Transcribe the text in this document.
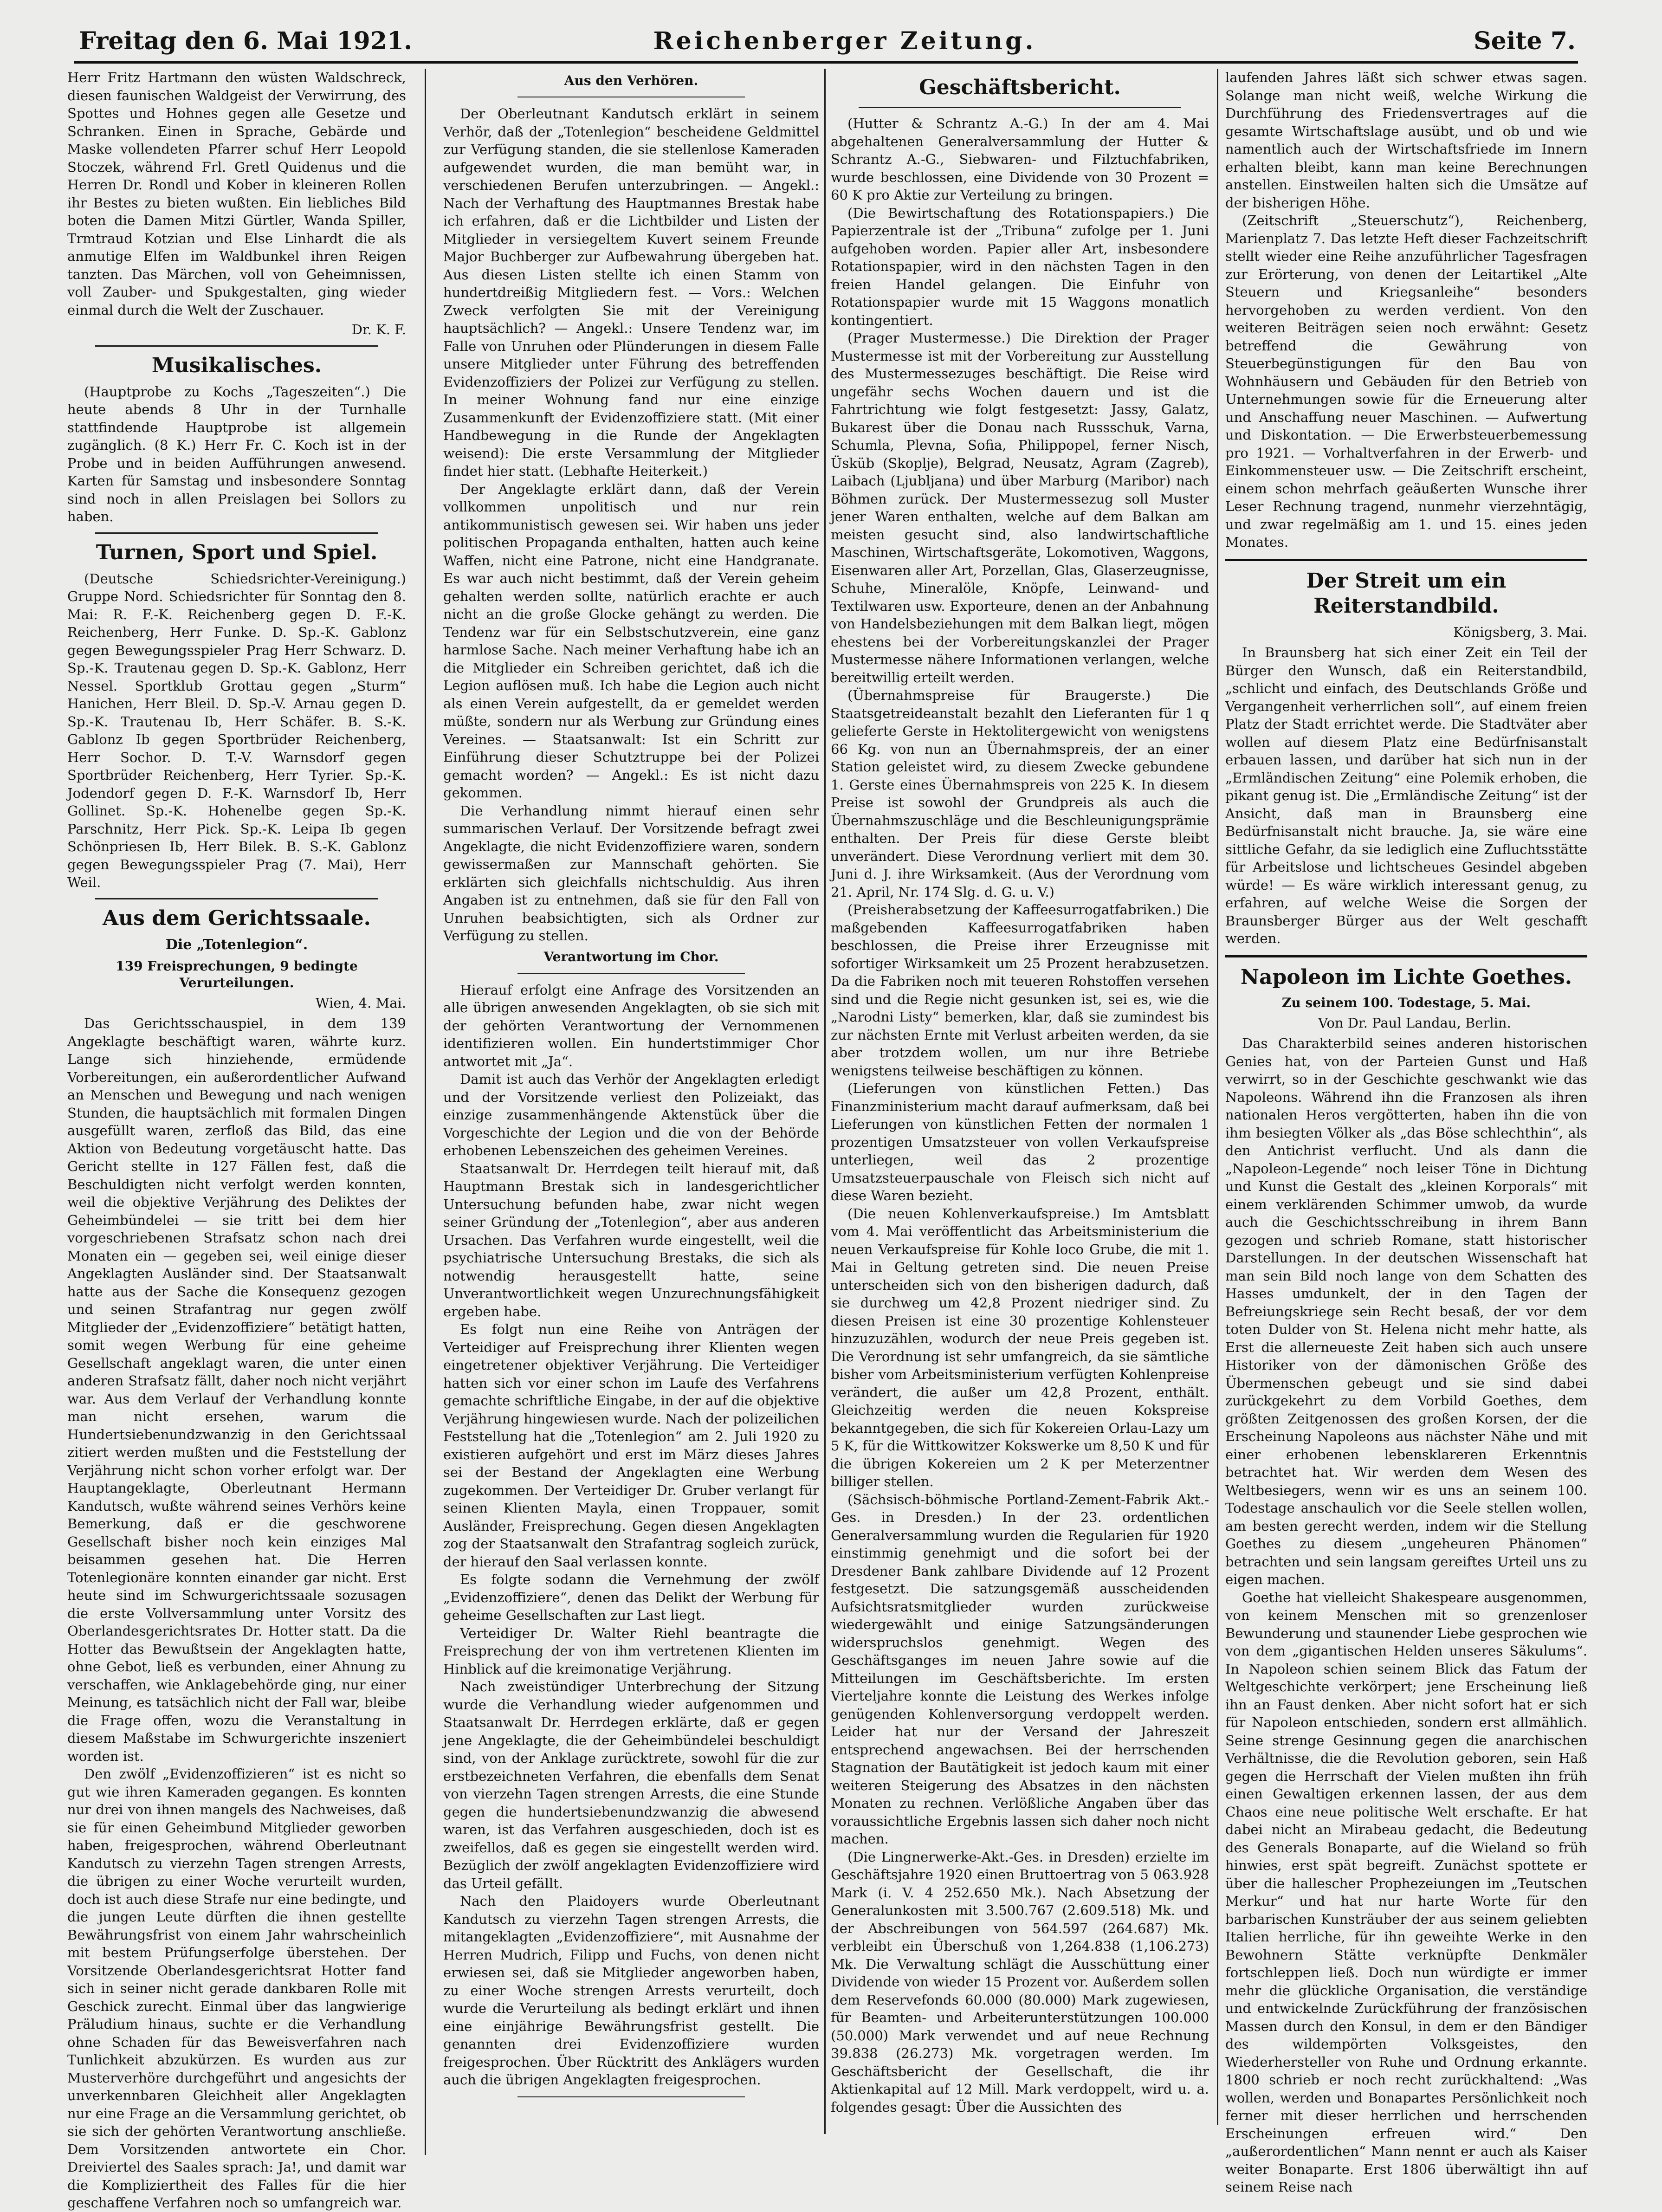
Freitag den 6. Mai 1921.	Reichenberger Zeitung.	Seite 7.

Herr Fritz Hartmann den wüsten Waldschreck, diesen faunischen Waldgeist der Verwirrung, des Spottes und Hohnes gegen alle Gesetze und Schranken. Einen in Sprache, Gebärde und Maske vollendeten Pfarrer schuf Herr Leopold Stoczek, während Frl. Gretl Quidenus und die Herren Dr. Rondl und Kober in kleineren Rollen ihr Bestes zu bieten wußten. Ein liebliches Bild boten die Damen Mitzi Gürtler, Wanda Spiller, Trmtraud Kotzian und Else Linhardt die als anmutige Elfen im Waldbunkel ihren Reigen tanzten. Das Märchen, voll von Geheimnissen, voll Zauber- und Spukgestalten, ging wieder einmal durch die Welt der Zuschauer.

Dr. K. F.

Musikalisches.

(Hauptprobe zu Kochs „Tageszeiten“.) Die heute abends 8 Uhr in der Turnhalle stattfindende Hauptprobe ist allgemein zugänglich. (8 K.) Herr Fr. C. Koch ist in der Probe und in beiden Aufführungen anwesend. Karten für Samstag und insbesondere Sonntag sind noch in allen Preislagen bei Sollors zu haben.

Turnen, Sport und Spiel.

(Deutsche Schiedsrichter-Vereinigung.) Gruppe Nord. Schiedsrichter für Sonntag den 8. Mai: R. F.-K. Reichenberg gegen D. F.-K. Reichenberg, Herr Funke. D. Sp.-K. Gablonz gegen Bewegungsspieler Prag Herr Schwarz. D. Sp.-K. Trautenau gegen D. Sp.-K. Gablonz, Herr Nessel. Sportklub Grottau gegen „Sturm“ Hanichen, Herr Bleil. D. Sp.-V. Arnau gegen D. Sp.-K. Trautenau Ib, Herr Schäfer. B. S.-K. Gablonz Ib gegen Sportbrüder Reichenberg, Herr Sochor. D. T.-V. Warnsdorf gegen Sportbrüder Reichenberg, Herr Tyrier. Sp.-K. Jodendorf gegen D. F.-K. Warnsdorf Ib, Herr Gollinet. Sp.-K. Hohenelbe gegen Sp.-K. Parschnitz, Herr Pick. Sp.-K. Leipa Ib gegen Schönpriesen Ib, Herr Bilek. B. S.-K. Gablonz gegen Bewegungsspieler Prag (7. Mai), Herr Weil.

Aus dem Gerichtssaale.
Die „Totenlegion“.
139 Freisprechungen, 9 bedingte Verurteilungen.

Wien, 4. Mai.

Das Gerichtsschauspiel, in dem 139 Angeklagte beschäftigt waren, währte kurz. Lange sich hinziehende, ermüdende Vorbereitungen, ein außerordentlicher Aufwand an Menschen und Bewegung und nach wenigen Stunden, die hauptsächlich mit formalen Dingen ausgefüllt waren, zerfloß das Bild, das eine Aktion von Bedeutung vorgetäuscht hatte. Das Gericht stellte in 127 Fällen fest, daß die Beschuldigten nicht verfolgt werden konnten, weil die objektive Verjährung des Deliktes der Geheimbündelei — sie tritt bei dem hier vorgeschriebenen Strafsatz schon nach drei Monaten ein — gegeben sei, weil einige dieser Angeklagten Ausländer sind. Der Staatsanwalt hatte aus der Sache die Konsequenz gezogen und seinen Strafantrag nur gegen zwölf Mitglieder der „Evidenzoffiziere“ betätigt hatten, somit wegen Werbung für eine geheime Gesellschaft angeklagt waren, die unter einen anderen Strafsatz fällt, daher noch nicht verjährt war. Aus dem Verlauf der Verhandlung konnte man nicht ersehen, warum die Hundertsiebenundzwanzig in den Gerichtssaal zitiert werden mußten und die Feststellung der Verjährung nicht schon vorher erfolgt war. Der Hauptangeklagte, Oberleutnant Hermann Kandutsch, wußte während seines Verhörs keine Bemerkung, daß er die geschworene Gesellschaft bisher noch kein einziges Mal beisammen gesehen hat. Die Herren Totenlegionäre konnten einander gar nicht. Erst heute sind im Schwurgerichtssaale sozusagen die erste Vollversammlung unter Vorsitz des Oberlandesgerichtsrates Dr. Hotter statt. Da die Hotter das Bewußtsein der Angeklagten hatte, ohne Gebot, ließ es verbunden, einer Ahnung zu verschaffen, wie Anklagebehörde ging, nur einer Meinung, es tatsächlich nicht der Fall war, bleibe die Frage offen, wozu die Veranstaltung in diesem Maßstabe im Schwurgerichte inszeniert worden ist.

Den zwölf „Evidenzoffizieren“ ist es nicht so gut wie ihren Kameraden gegangen. Es konnten nur drei von ihnen mangels des Nachweises, daß sie für einen Geheimbund Mitglieder geworben haben, freigesprochen, während Oberleutnant Kandutsch zu vierzehn Tagen strengen Arrests, die übrigen zu einer Woche verurteilt wurden, doch ist auch diese Strafe nur eine bedingte, und die jungen Leute dürften die ihnen gestellte Bewährungsfrist von einem Jahr wahrscheinlich mit bestem Prüfungserfolge überstehen. Der Vorsitzende Oberlandesgerichtsrat Hotter fand sich in seiner nicht gerade dankbaren Rolle mit Geschick zurecht. Einmal über das langwierige Präludium hinaus, suchte er die Verhandlung ohne Schaden für das Beweisverfahren nach Tunlichkeit abzukürzen. Es wurden aus zur Musterverhöre durchgeführt und angesichts der unverkennbaren Gleichheit aller Angeklagten nur eine Frage an die Versammlung gerichtet, ob sie sich der gehörten Verantwortung anschließe. Dem Vorsitzenden antwortete ein Chor. Dreiviertel des Saales sprach: Ja!, und damit war die Kompliziertheit des Falles für die hier geschaffene Verfahren noch so umfangreich war.

Aus den Verhören.

Der Oberleutnant Kandutsch erklärt in seinem Verhör, daß der „Totenlegion“ bescheidene Geldmittel zur Verfügung standen, die sie stellenlose Kameraden aufgewendet wurden, die man bemüht war, in verschiedenen Berufen unterzubringen. — Angekl.: Nach der Verhaftung des Hauptmannes Brestak habe ich erfahren, daß er die Lichtbilder und Listen der Mitglieder in versiegeltem Kuvert seinem Freunde Major Buchberger zur Aufbewahrung übergeben hat. Aus diesen Listen stellte ich einen Stamm von hundertdreißig Mitgliedern fest. — Vors.: Welchen Zweck verfolgten Sie mit der Vereinigung hauptsächlich? — Angekl.: Unsere Tendenz war, im Falle von Unruhen oder Plünderungen in diesem Falle unsere Mitglieder unter Führung des betreffenden Evidenzoffiziers der Polizei zur Verfügung zu stellen. In meiner Wohnung fand nur eine einzige Zusammenkunft der Evidenzoffiziere statt. (Mit einer Handbewegung in die Runde der Angeklagten weisend): Die erste Versammlung der Mitglieder findet hier statt. (Lebhafte Heiterkeit.)

Der Angeklagte erklärt dann, daß der Verein vollkommen unpolitisch und nur rein antikommunistisch gewesen sei. Wir haben uns jeder politischen Propaganda enthalten, hatten auch keine Waffen, nicht eine Patrone, nicht eine Handgranate. Es war auch nicht bestimmt, daß der Verein geheim gehalten werden sollte, natürlich erachte er auch nicht an die große Glocke gehängt zu werden. Die Tendenz war für ein Selbstschutzverein, eine ganz harmlose Sache. Nach meiner Verhaftung habe ich an die Mitglieder ein Schreiben gerichtet, daß ich die Legion auflösen muß. Ich habe die Legion auch nicht als einen Verein aufgestellt, da er gemeldet werden müßte, sondern nur als Werbung zur Gründung eines Vereines. — Staatsanwalt: Ist ein Schritt zur Einführung dieser Schutztruppe bei der Polizei gemacht worden? — Angekl.: Es ist nicht dazu gekommen.

Die Verhandlung nimmt hierauf einen sehr summarischen Verlauf. Der Vorsitzende befragt zwei Angeklagte, die nicht Evidenzoffiziere waren, sondern gewissermaßen zur Mannschaft gehörten. Sie erklärten sich gleichfalls nichtschuldig. Aus ihren Angaben ist zu entnehmen, daß sie für den Fall von Unruhen beabsichtigten, sich als Ordner zur Verfügung zu stellen.

Verantwortung im Chor.

Hierauf erfolgt eine Anfrage des Vorsitzenden an alle übrigen anwesenden Angeklagten, ob sie sich mit der gehörten Verantwortung der Vernommenen identifizieren wollen. Ein hundertstimmiger Chor antwortet mit „Ja“.

Damit ist auch das Verhör der Angeklagten erledigt und der Vorsitzende verliest den Polizeiakt, das einzige zusammenhängende Aktenstück über die Vorgeschichte der Legion und die von der Behörde erhobenen Lebenszeichen des geheimen Vereines.

Staatsanwalt Dr. Herrdegen teilt hierauf mit, daß Hauptmann Brestak sich in landesgerichtlicher Untersuchung befunden habe, zwar nicht wegen seiner Gründung der „Totenlegion“, aber aus anderen Ursachen. Das Verfahren wurde eingestellt, weil die psychiatrische Untersuchung Brestaks, die sich als notwendig herausgestellt hatte, seine Unverantwortlichkeit wegen Unzurechnungsfähigkeit ergeben habe.

Es folgt nun eine Reihe von Anträgen der Verteidiger auf Freisprechung ihrer Klienten wegen eingetretener objektiver Verjährung. Die Verteidiger hatten sich vor einer schon im Laufe des Verfahrens gemachte schriftliche Eingabe, in der auf die objektive Verjährung hingewiesen wurde. Nach der polizeilichen Feststellung hat die „Totenlegion“ am 2. Juli 1920 zu existieren aufgehört und erst im März dieses Jahres sei der Bestand der Angeklagten eine Werbung zugekommen. Der Verteidiger Dr. Gruber verlangt für seinen Klienten Mayla, einen Troppauer, somit Ausländer, Freisprechung. Gegen diesen Angeklagten zog der Staatsanwalt den Strafantrag sogleich zurück, der hierauf den Saal verlassen konnte.

Es folgte sodann die Vernehmung der zwölf „Evidenzoffiziere“, denen das Delikt der Werbung für geheime Gesellschaften zur Last liegt.

Verteidiger Dr. Walter Riehl beantragte die Freisprechung der von ihm vertretenen Klienten im Hinblick auf die kreimonatige Verjährung.

Nach zweistündiger Unterbrechung der Sitzung wurde die Verhandlung wieder aufgenommen und Staatsanwalt Dr. Herrdegen erklärte, daß er gegen jene Angeklagte, die der Geheimbündelei beschuldigt sind, von der Anklage zurücktrete, sowohl für die zur erstbezeichneten Verfahren, die ebenfalls dem Senat von vierzehn Tagen strengen Arrests, die eine Stunde gegen die hundertsiebenundzwanzig die abwesend waren, ist das Verfahren ausgeschieden, doch ist es zweifellos, daß es gegen sie eingestellt werden wird. Bezüglich der zwölf angeklagten Evidenzoffiziere wird das Urteil gefällt.

Nach den Plaidoyers wurde Oberleutnant Kandutsch zu vierzehn Tagen strengen Arrests, die mitangeklagten „Evidenzoffiziere“, mit Ausnahme der Herren Mudrich, Filipp und Fuchs, von denen nicht erwiesen sei, daß sie Mitglieder angeworben haben, zu einer Woche strengen Arrests verurteilt, doch wurde die Verurteilung als bedingt erklärt und ihnen eine einjährige Bewährungsfrist gestellt. Die genannten drei Evidenzoffiziere wurden freigesprochen. Über Rücktritt des Anklägers wurden auch die übrigen Angeklagten freigesprochen.

Geschäftsbericht.

(Hutter & Schrantz A.-G.) In der am 4. Mai abgehaltenen Generalversammlung der Hutter & Schrantz A.-G., Siebwaren- und Filztuchfabriken, wurde beschlossen, eine Dividende von 30 Prozent = 60 K pro Aktie zur Verteilung zu bringen.

(Die Bewirtschaftung des Rotationspapiers.) Die Papierzentrale ist der „Tribuna“ zufolge per 1. Juni aufgehoben worden. Papier aller Art, insbesondere Rotationspapier, wird in den nächsten Tagen in den freien Handel gelangen. Die Einfuhr von Rotationspapier wurde mit 15 Waggons monatlich kontingentiert.

(Prager Mustermesse.) Die Direktion der Prager Mustermesse ist mit der Vorbereitung zur Ausstellung des Mustermessezuges beschäftigt. Die Reise wird ungefähr sechs Wochen dauern und ist die Fahrtrichtung wie folgt festgesetzt: Jassy, Galatz, Bukarest über die Donau nach Russschuk, Varna, Schumla, Plevna, Sofia, Philippopel, ferner Nisch, Üsküb (Skoplje), Belgrad, Neusatz, Agram (Zagreb), Laibach (Ljubljana) und über Marburg (Maribor) nach Böhmen zurück. Der Mustermessezug soll Muster jener Waren enthalten, welche auf dem Balkan am meisten gesucht sind, also landwirtschaftliche Maschinen, Wirtschaftsgeräte, Lokomotiven, Waggons, Eisenwaren aller Art, Porzellan, Glas, Glaserzeugnisse, Schuhe, Mineralöle, Knöpfe, Leinwand- und Textilwaren usw. Exporteure, denen an der Anbahnung von Handelsbeziehungen mit dem Balkan liegt, mögen ehestens bei der Vorbereitungskanzlei der Prager Mustermesse nähere Informationen verlangen, welche bereitwillig erteilt werden.

(Übernahmspreise für Braugerste.) Die Staatsgetreideanstalt bezahlt den Lieferanten für 1 q gelieferte Gerste in Hektolitergewicht von wenigstens 66 Kg. von nun an Übernahmspreis, der an einer Station geleistet wird, zu diesem Zwecke gebundene 1. Gerste eines Übernahmspreis von 225 K. In diesem Preise ist sowohl der Grundpreis als auch die Übernahmszuschläge und die Beschleunigungsprämie enthalten. Der Preis für diese Gerste bleibt unverändert. Diese Verordnung verliert mit dem 30. Juni d. J. ihre Wirksamkeit. (Aus der Verordnung vom 21. April, Nr. 174 Slg. d. G. u. V.)

(Preisherabsetzung der Kaffeesurrogatfabriken.) Die maßgebenden Kaffeesurrogatfabriken haben beschlossen, die Preise ihrer Erzeugnisse mit sofortiger Wirksamkeit um 25 Prozent herabzusetzen. Da die Fabriken noch mit teueren Rohstoffen versehen sind und die Regie nicht gesunken ist, sei es, wie die „Narodni Listy“ bemerken, klar, daß sie zumindest bis zur nächsten Ernte mit Verlust arbeiten werden, da sie aber trotzdem wollen, um nur ihre Betriebe wenigstens teilweise beschäftigen zu können.

(Lieferungen von künstlichen Fetten.) Das Finanzministerium macht darauf aufmerksam, daß bei Lieferungen von künstlichen Fetten der normalen 1 prozentigen Umsatzsteuer von vollen Verkaufspreise unterliegen, weil das 2 prozentige Umsatzsteuerpauschale von Fleisch sich nicht auf diese Waren bezieht.

(Die neuen Kohlenverkaufspreise.) Im Amtsblatt vom 4. Mai veröffentlicht das Arbeitsministerium die neuen Verkaufspreise für Kohle loco Grube, die mit 1. Mai in Geltung getreten sind. Die neuen Preise unterscheiden sich von den bisherigen dadurch, daß sie durchweg um 42,8 Prozent niedriger sind. Zu diesen Preisen ist eine 30 prozentige Kohlensteuer hinzuzuzählen, wodurch der neue Preis gegeben ist. Die Verordnung ist sehr umfangreich, da sie sämtliche bisher vom Arbeitsministerium verfügten Kohlenpreise verändert, die außer um 42,8 Prozent, enthält. Gleichzeitig werden die neuen Kokspreise bekanntgegeben, die sich für Kokereien Orlau-Lazy um 5 K, für die Wittkowitzer Kokswerke um 8,50 K und für die übrigen Kokereien um 2 K per Meterzentner billiger stellen.

(Sächsisch-böhmische Portland-Zement-Fabrik Akt.-Ges. in Dresden.) In der 23. ordentlichen Generalversammlung wurden die Regularien für 1920 einstimmig genehmigt und die sofort bei der Dresdener Bank zahlbare Dividende auf 12 Prozent festgesetzt. Die satzungsgemäß ausscheidenden Aufsichtsratsmitglieder wurden zurückweise wiedergewählt und einige Satzungsänderungen widerspruchslos genehmigt. Wegen des Geschäftsganges im neuen Jahre sowie auf die Mitteilungen im Geschäftsberichte. Im ersten Vierteljahre konnte die Leistung des Werkes infolge genügenden Kohlenversorgung verdoppelt werden. Leider hat nur der Versand der Jahreszeit entsprechend angewachsen. Bei der herrschenden Stagnation der Bautätigkeit ist jedoch kaum mit einer weiteren Steigerung des Absatzes in den nächsten Monaten zu rechnen. Verlößliche Angaben über das voraussichtliche Ergebnis lassen sich daher noch nicht machen.

(Die Lingnerwerke-Akt.-Ges. in Dresden) erzielte im Geschäftsjahre 1920 einen Bruttoertrag von 5 063.928 Mark (i. V. 4 252.650 Mk.). Nach Absetzung der Generalunkosten mit 3.500.767 (2.609.518) Mk. und der Abschreibungen von 564.597 (264.687) Mk. verbleibt ein Überschuß von 1,264.838 (1,106.273) Mk. Die Verwaltung schlägt die Ausschüttung einer Dividende von wieder 15 Prozent vor. Außerdem sollen dem Reservefonds 60.000 (80.000) Mark zugewiesen, für Beamten- und Arbeiterunterstützungen 100.000 (50.000) Mark verwendet und auf neue Rechnung 39.838 (26.273) Mk. vorgetragen werden. Im Geschäftsbericht der Gesellschaft, die ihr Aktienkapital auf 12 Mill. Mark verdoppelt, wird u. a. folgendes gesagt: Über die Aussichten des

laufenden Jahres läßt sich schwer etwas sagen. Solange man nicht weiß, welche Wirkung die Durchführung des Friedensvertrages auf die gesamte Wirtschaftslage ausübt, und ob und wie namentlich auch der Wirtschaftsfriede im Innern erhalten bleibt, kann man keine Berechnungen anstellen. Einstweilen halten sich die Umsätze auf der bisherigen Höhe.

(Zeitschrift „Steuerschutz“), Reichenberg, Marienplatz 7. Das letzte Heft dieser Fachzeitschrift stellt wieder eine Reihe anzuführlicher Tagesfragen zur Erörterung, von denen der Leitartikel „Alte Steuern und Kriegsanleihe“ besonders hervorgehoben zu werden verdient. Von den weiteren Beiträgen seien noch erwähnt: Gesetz betreffend die Gewährung von Steuerbegünstigungen für den Bau von Wohnhäusern und Gebäuden für den Betrieb von Unternehmungen sowie für die Erneuerung alter und Anschaffung neuer Maschinen. — Aufwertung und Diskontation. — Die Erwerbsteuerbemessung pro 1921. — Vorhaltverfahren in der Erwerb- und Einkommensteuer usw. — Die Zeitschrift erscheint, einem schon mehrfach geäußerten Wunsche ihrer Leser Rechnung tragend, nunmehr vierzehntägig, und zwar regelmäßig am 1. und 15. eines jeden Monates.

Der Streit um ein Reiterstandbild.

Königsberg, 3. Mai.

In Braunsberg hat sich einer Zeit ein Teil der Bürger den Wunsch, daß ein Reiterstandbild, „schlicht und einfach, des Deutschlands Größe und Vergangenheit verherrlichen soll“, auf einem freien Platz der Stadt errichtet werde. Die Stadtväter aber wollen auf diesem Platz eine Bedürfnisanstalt erbauen lassen, und darüber hat sich nun in der „Ermländischen Zeitung“ eine Polemik erhoben, die pikant genug ist. Die „Ermländische Zeitung“ ist der Ansicht, daß man in Braunsberg eine Bedürfnisanstalt nicht brauche. Ja, sie wäre eine sittliche Gefahr, da sie lediglich eine Zufluchtsstätte für Arbeitslose und lichtscheues Gesindel abgeben würde! — Es wäre wirklich interessant genug, zu erfahren, auf welche Weise die Sorgen der Braunsberger Bürger aus der Welt geschafft werden.

Napoleon im Lichte Goethes.
Zu seinem 100. Todestage, 5. Mai.

Von Dr. Paul Landau, Berlin.

Das Charakterbild seines anderen historischen Genies hat, von der Parteien Gunst und Haß verwirrt, so in der Geschichte geschwankt wie das Napoleons. Während ihn die Franzosen als ihren nationalen Heros vergötterten, haben ihn die von ihm besiegten Völker als „das Böse schlechthin“, als den Antichrist verflucht. Und als dann die „Napoleon-Legende“ noch leiser Töne in Dichtung und Kunst die Gestalt des „kleinen Korporals“ mit einem verklärenden Schimmer umwob, da wurde auch die Geschichtsschreibung in ihrem Bann gezogen und schrieb Romane, statt historischer Darstellungen. In der deutschen Wissenschaft hat man sein Bild noch lange von dem Schatten des Hasses umdunkelt, der in den Tagen der Befreiungskriege sein Recht besaß, der vor dem toten Dulder von St. Helena nicht mehr hatte, als Erst die allerneueste Zeit haben sich auch unsere Historiker von der dämonischen Größe des Übermenschen gebeugt und sie sind dabei zurückgekehrt zu dem Vorbild Goethes, dem größten Zeitgenossen des großen Korsen, der die Erscheinung Napoleons aus nächster Nähe und mit einer erhobenen lebensklareren Erkenntnis betrachtet hat. Wir werden dem Wesen des Weltbesiegers, wenn wir es uns an seinem 100. Todestage anschaulich vor die Seele stellen wollen, am besten gerecht werden, indem wir die Stellung Goethes zu diesem „ungeheuren Phänomen“ betrachten und sein langsam gereiftes Urteil uns zu eigen machen.

Goethe hat vielleicht Shakespeare ausgenommen, von keinem Menschen mit so grenzenloser Bewunderung und staunender Liebe gesprochen wie von dem „gigantischen Helden unseres Säkulums“. In Napoleon schien seinem Blick das Fatum der Weltgeschichte verkörpert; jene Erscheinung ließ ihn an Faust denken. Aber nicht sofort hat er sich für Napoleon entschieden, sondern erst allmählich. Seine strenge Gesinnung gegen die anarchischen Verhältnisse, die die Revolution geboren, sein Haß gegen die Herrschaft der Vielen mußten ihn früh einen Gewaltigen erkennen lassen, der aus dem Chaos eine neue politische Welt erschafte. Er hat dabei nicht an Mirabeau gedacht, die Bedeutung des Generals Bonaparte, auf die Wieland so früh hinwies, erst spät begreift. Zunächst spottete er über die hallescher Prophezeiungen im „Teutschen Merkur“ und hat nur harte Worte für den barbarischen Kunsträuber der aus seinem geliebten Italien herrliche, für ihn geweihte Werke in den Bewohnern Stätte verknüpfte Denkmäler fortschleppen ließ. Doch nun würdigte er immer mehr die glückliche Organisation, die verständige und entwickelnde Zurückführung der französischen Massen durch den Konsul, in dem er den Bändiger des wildempörten Volksgeistes, den Wiederhersteller von Ruhe und Ordnung erkannte. 1800 schrieb er noch recht zurückhaltend: „Was wollen, werden und Bonapartes Persönlichkeit noch ferner mit dieser herrlichen und herrschenden Erscheinungen erfreuen wird.“ Den „außerordentlichen“ Mann nennt er auch als Kaiser weiter Bonaparte. Erst 1806 überwältigt ihn auf seinem Reise nach
